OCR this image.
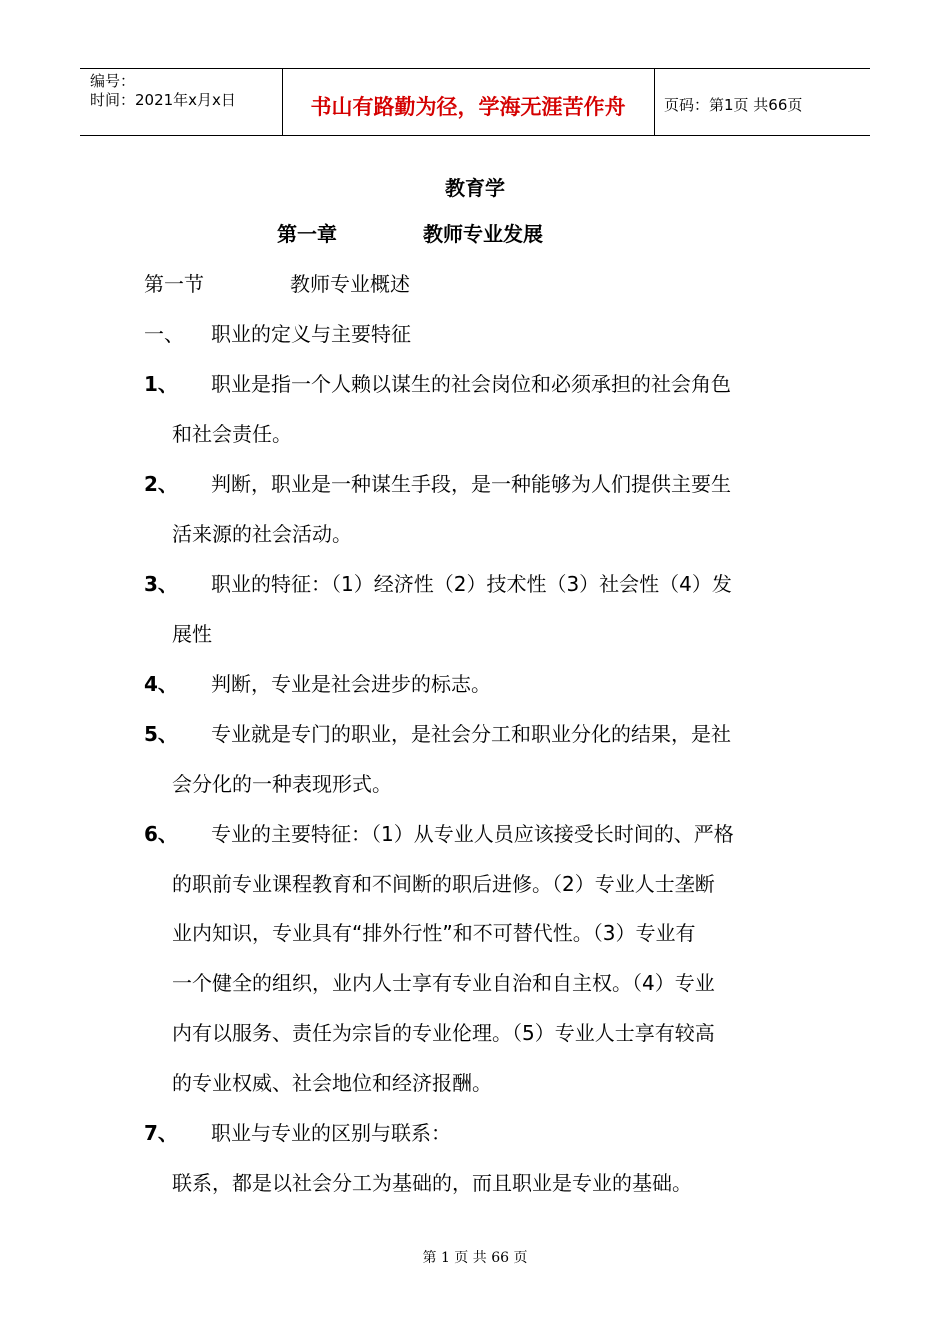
编号：
时间：2021年x月x日	书山有路勤为径，学海无涯苦作舟	页码：第1页 共66页
教育学
第一章	教师专业发展
第一节	教师专业概述
一、 职业的定义与主要特征
1、 职业是指一个人赖以谋生的社会岗位和必须承担的社会角色
和社会责任。
2、 判断，职业是一种谋生手段，是一种能够为人们提供主要生
活来源的社会活动。
3、 职业的特征：（1）经济性（2）技术性（3）社会性（4）发
展性
4、 判断，专业是社会进步的标志。
5、 专业就是专门的职业，是社会分工和职业分化的结果，是社
会分化的一种表现形式。
6、 专业的主要特征：（1）从专业人员应该接受长时间的、严格
的职前专业课程教育和不间断的职后进修。（2）专业人士垄断
业内知识，专业具有“排外行性”和不可替代性。（3）专业有
一个健全的组织，业内人士享有专业自治和自主权。（4）专业
内有以服务、责任为宗旨的专业伦理。（5）专业人士享有较高
的专业权威、社会地位和经济报酬。
7、 职业与专业的区别与联系：
联系，都是以社会分工为基础的，而且职业是专业的基础。
第 1 页 共 66 页
